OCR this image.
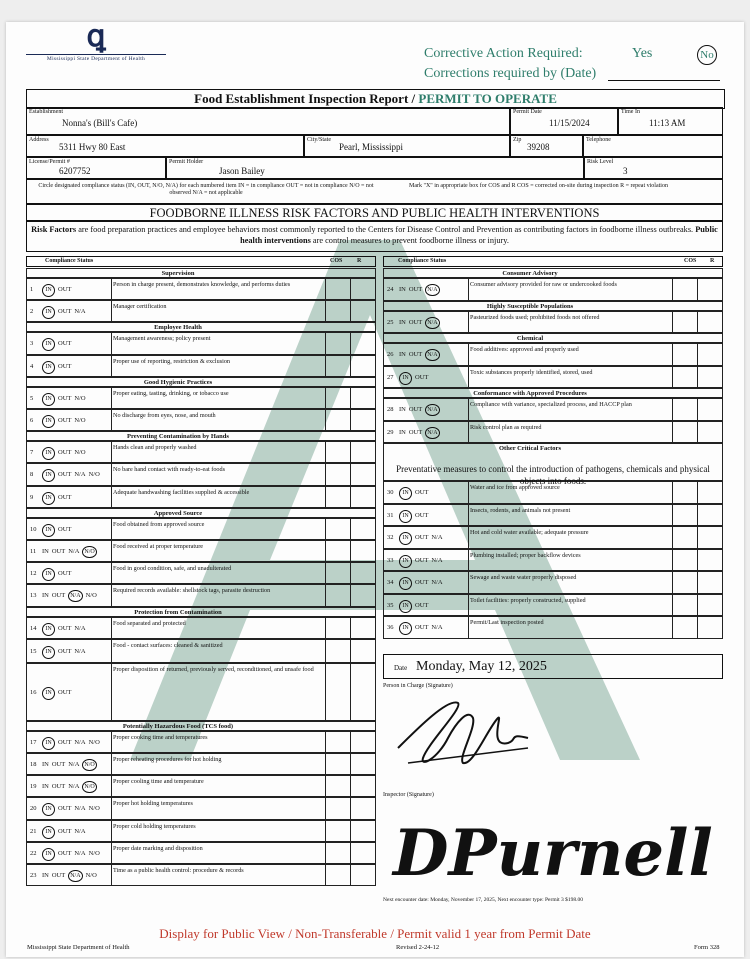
ꝗ
Mississippi State Department of Health	Corrective Action Required:	Yes	No
Corrections required by (Date)
Food Establishment Inspection Report / PERMIT TO OPERATE
Establishment
Nonna's (Bill's Cafe)
Permit Date
11/15/2024
Time In
11:13 AM
Address
5311 Hwy 80 East
City/State
Pearl, Mississippi
Zip
39208
Telephone
License/Permit #
6207752
Permit Holder
Jason Bailey
Risk Level
3
Circle designated compliance status (IN, OUT, N/O, N/A) for each numbered item IN = in compliance OUT = not in compliance N/O = not observed N/A = not applicable
Mark "X" in appropriate box for COS and R COS = corrected on-site during inspection R = repeat violation
FOODBORNE ILLNESS RISK FACTORS AND PUBLIC HEALTH INTERVENTIONS
Risk Factors are food preparation practices and employee behaviors most commonly reported to the Centers for Disease Control and Prevention as contributing factors in foodborne illness outbreaks. Public health interventions are control measures to prevent foodborne illness or injury.
Compliance Status	COS R	Compliance Status	COS R
Supervision
1	IN OUT
Person in charge present, demonstrates knowledge, and performs duties
2	IN OUT N/A
Manager certification
Employee Health
3	IN OUT
Management awareness; policy present
4	IN OUT
Proper use of reporting, restriction & exclusion
Good Hygienic Practices
5	IN OUT N/O
Proper eating, tasting, drinking, or tobacco use
6	IN OUT N/O
No discharge from eyes, nose, and mouth
Preventing Contamination by Hands
7	IN OUT N/O
Hands clean and properly washed
8	IN OUT N/A N/O
No bare hand contact with ready-to-eat foods
9	IN OUT
Adequate handwashing facilities supplied & accessible
Approved Source
10	IN OUT
Food obtained from approved source
11 IN OUT N/A N/O
Food received at proper temperature
12	IN OUT
Food in good condition, safe, and unadulterated
13 IN OUT N/A N/O
Required records available: shellstock tags, parasite destruction
Protection from Contamination
14	IN OUT N/A
Food separated and protected
15	IN OUT N/A
Food - contact surfaces: cleaned & sanitized
16	IN OUT
Proper disposition of returned, previously served, reconditioned, and unsafe food
Potentially Hazardous Food (TCS food)
17	IN OUT N/A N/O
Proper cooking time and temperatures
18 IN OUT N/A N/O
Proper reheating procedures for hot holding
19 IN OUT N/A N/O
Proper cooling time and temperature
20	IN OUT N/A N/O
Proper hot holding temperatures
21	IN OUT N/A
Proper cold holding temperatures
22	IN OUT N/A N/O
Proper date marking and disposition
23 IN OUT N/A N/O
Time as a public health control: procedure & records
Consumer Advisory
24 IN OUT N/A
Consumer advisory provided for raw or undercooked foods
Highly Susceptible Populations
25 IN OUT N/A
Pasteurized foods used; prohibited foods not offered
Chemical
26 IN OUT N/A
Food additives: approved and properly used
27	IN OUT
Toxic substances properly identified, stored, used
Conformance with Approved Procedures
28 IN OUT N/A
Compliance with variance, specialized process, and HACCP plan
29 IN OUT N/A
Risk control plan as required
Other Critical Factors
30	IN OUT
Water and ice from approved source
31	IN OUT
Insects, rodents, and animals not present
32	IN OUT N/A
Hot and cold water available; adequate pressure
33	IN OUT N/A
Plumbing installed; proper backflow devices
34	IN OUT N/A
Sewage and waste water properly disposed
35	IN OUT
Toilet facilities: properly constructed, supplied
36	IN OUT N/A
Permit/Last inspection posted
Preventative measures to control the introduction of pathogens, chemicals and physical objects into foods.
Date Monday, May 12, 2025
Person in Charge (Signature)
Inspector (Signature)
DPurnell
Next encounter date: Monday, November 17, 2025, Next encounter type: Permit 3 $198.00
Display for Public View / Non-Transferable / Permit valid 1 year from Permit Date
Mississippi State Department of Health	Revised 2-24-12	Form 328
